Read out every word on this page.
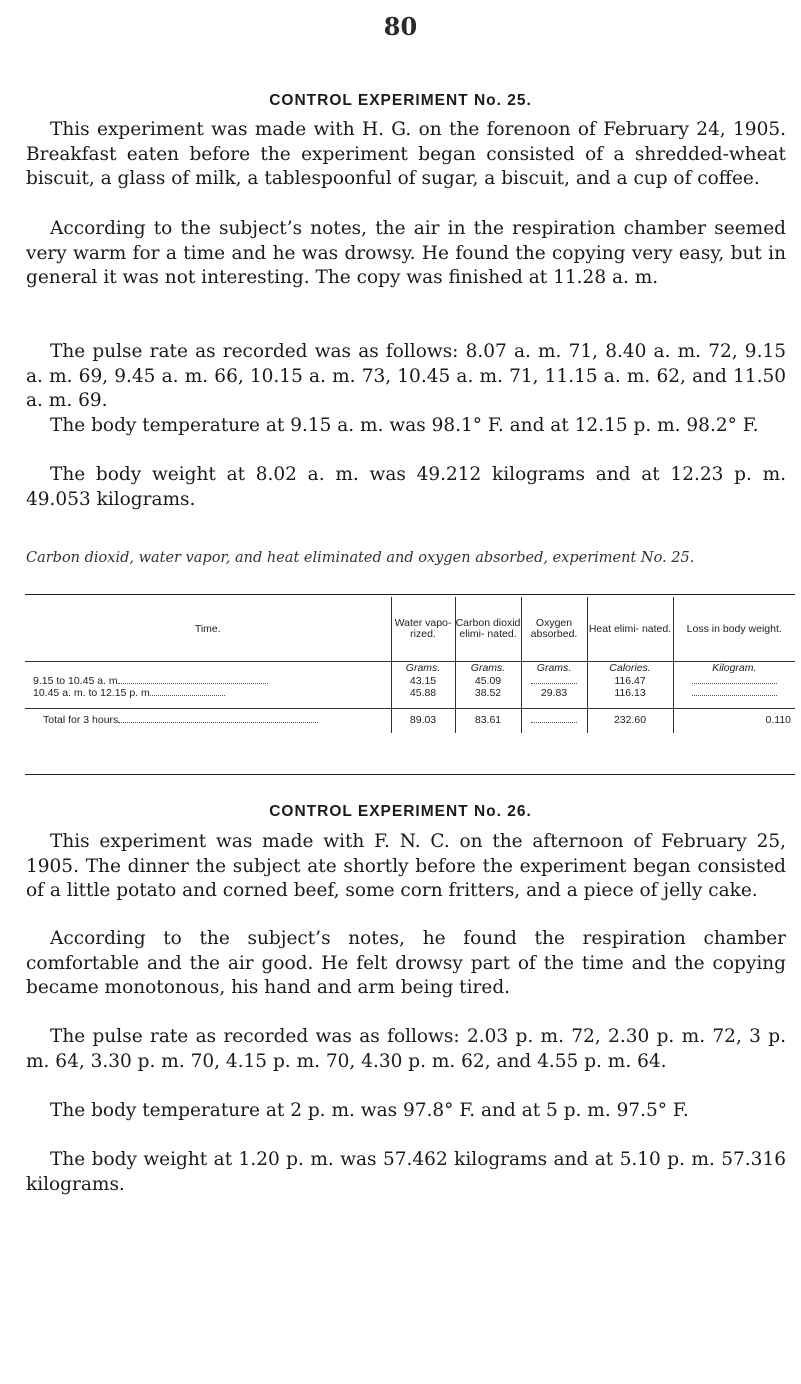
80
CONTROL EXPERIMENT No. 25.

This experiment was made with H. G. on the forenoon of February 24, 1905. Breakfast eaten before the experiment began consisted of a shredded-wheat biscuit, a glass of milk, a tablespoonful of sugar, a biscuit, and a cup of coffee.

According to the subject’s notes, the air in the respiration chamber seemed very warm for a time and he was drowsy. He found the copying very easy, but in general it was not interesting. The copy was finished at 11.28 a. m.

The pulse rate as recorded was as follows: 8.07 a. m. 71, 8.40 a. m. 72, 9.15 a. m. 69, 9.45 a. m. 66, 10.15 a. m. 73, 10.45 a. m. 71, 11.15 a. m. 62, and 11.50 a. m. 69.

The body temperature at 9.15 a. m. was 98.1° F. and at 12.15 p. m. 98.2° F.

The body weight at 8.02 a. m. was 49.212 kilograms and at 12.23 p. m. 49.053 kilograms.

Carbon dioxid, water vapor, and heat eliminated and oxygen absorbed, experiment No. 25.
Time.	Water vapo- rized.	Carbon dioxid elimi- nated.	Oxygen absorbed.	Heat elimi- nated.	Loss in body weight.
	Grams.	Grams.	Grams.	Calories.	Kilogram.
9.15 to 10.45 a. m	43.15	45.09		116.47	
10.45 a. m. to 12.15 p. m	45.88	38.52	29.83	116.13	

Total for 3 hours	89.03	83.61		232.60	0.110
CONTROL EXPERIMENT No. 26.

This experiment was made with F. N. C. on the afternoon of February 25, 1905. The dinner the subject ate shortly before the experiment began consisted of a little potato and corned beef, some corn fritters, and a piece of jelly cake.

According to the subject’s notes, he found the respiration chamber comfortable and the air good. He felt drowsy part of the time and the copying became monotonous, his hand and arm being tired.

The pulse rate as recorded was as follows: 2.03 p. m. 72, 2.30 p. m. 72, 3 p. m. 64, 3.30 p. m. 70, 4.15 p. m. 70, 4.30 p. m. 62, and 4.55 p. m. 64.

The body temperature at 2 p. m. was 97.8° F. and at 5 p. m. 97.5° F.

The body weight at 1.20 p. m. was 57.462 kilograms and at 5.10 p. m. 57.316 kilograms.
